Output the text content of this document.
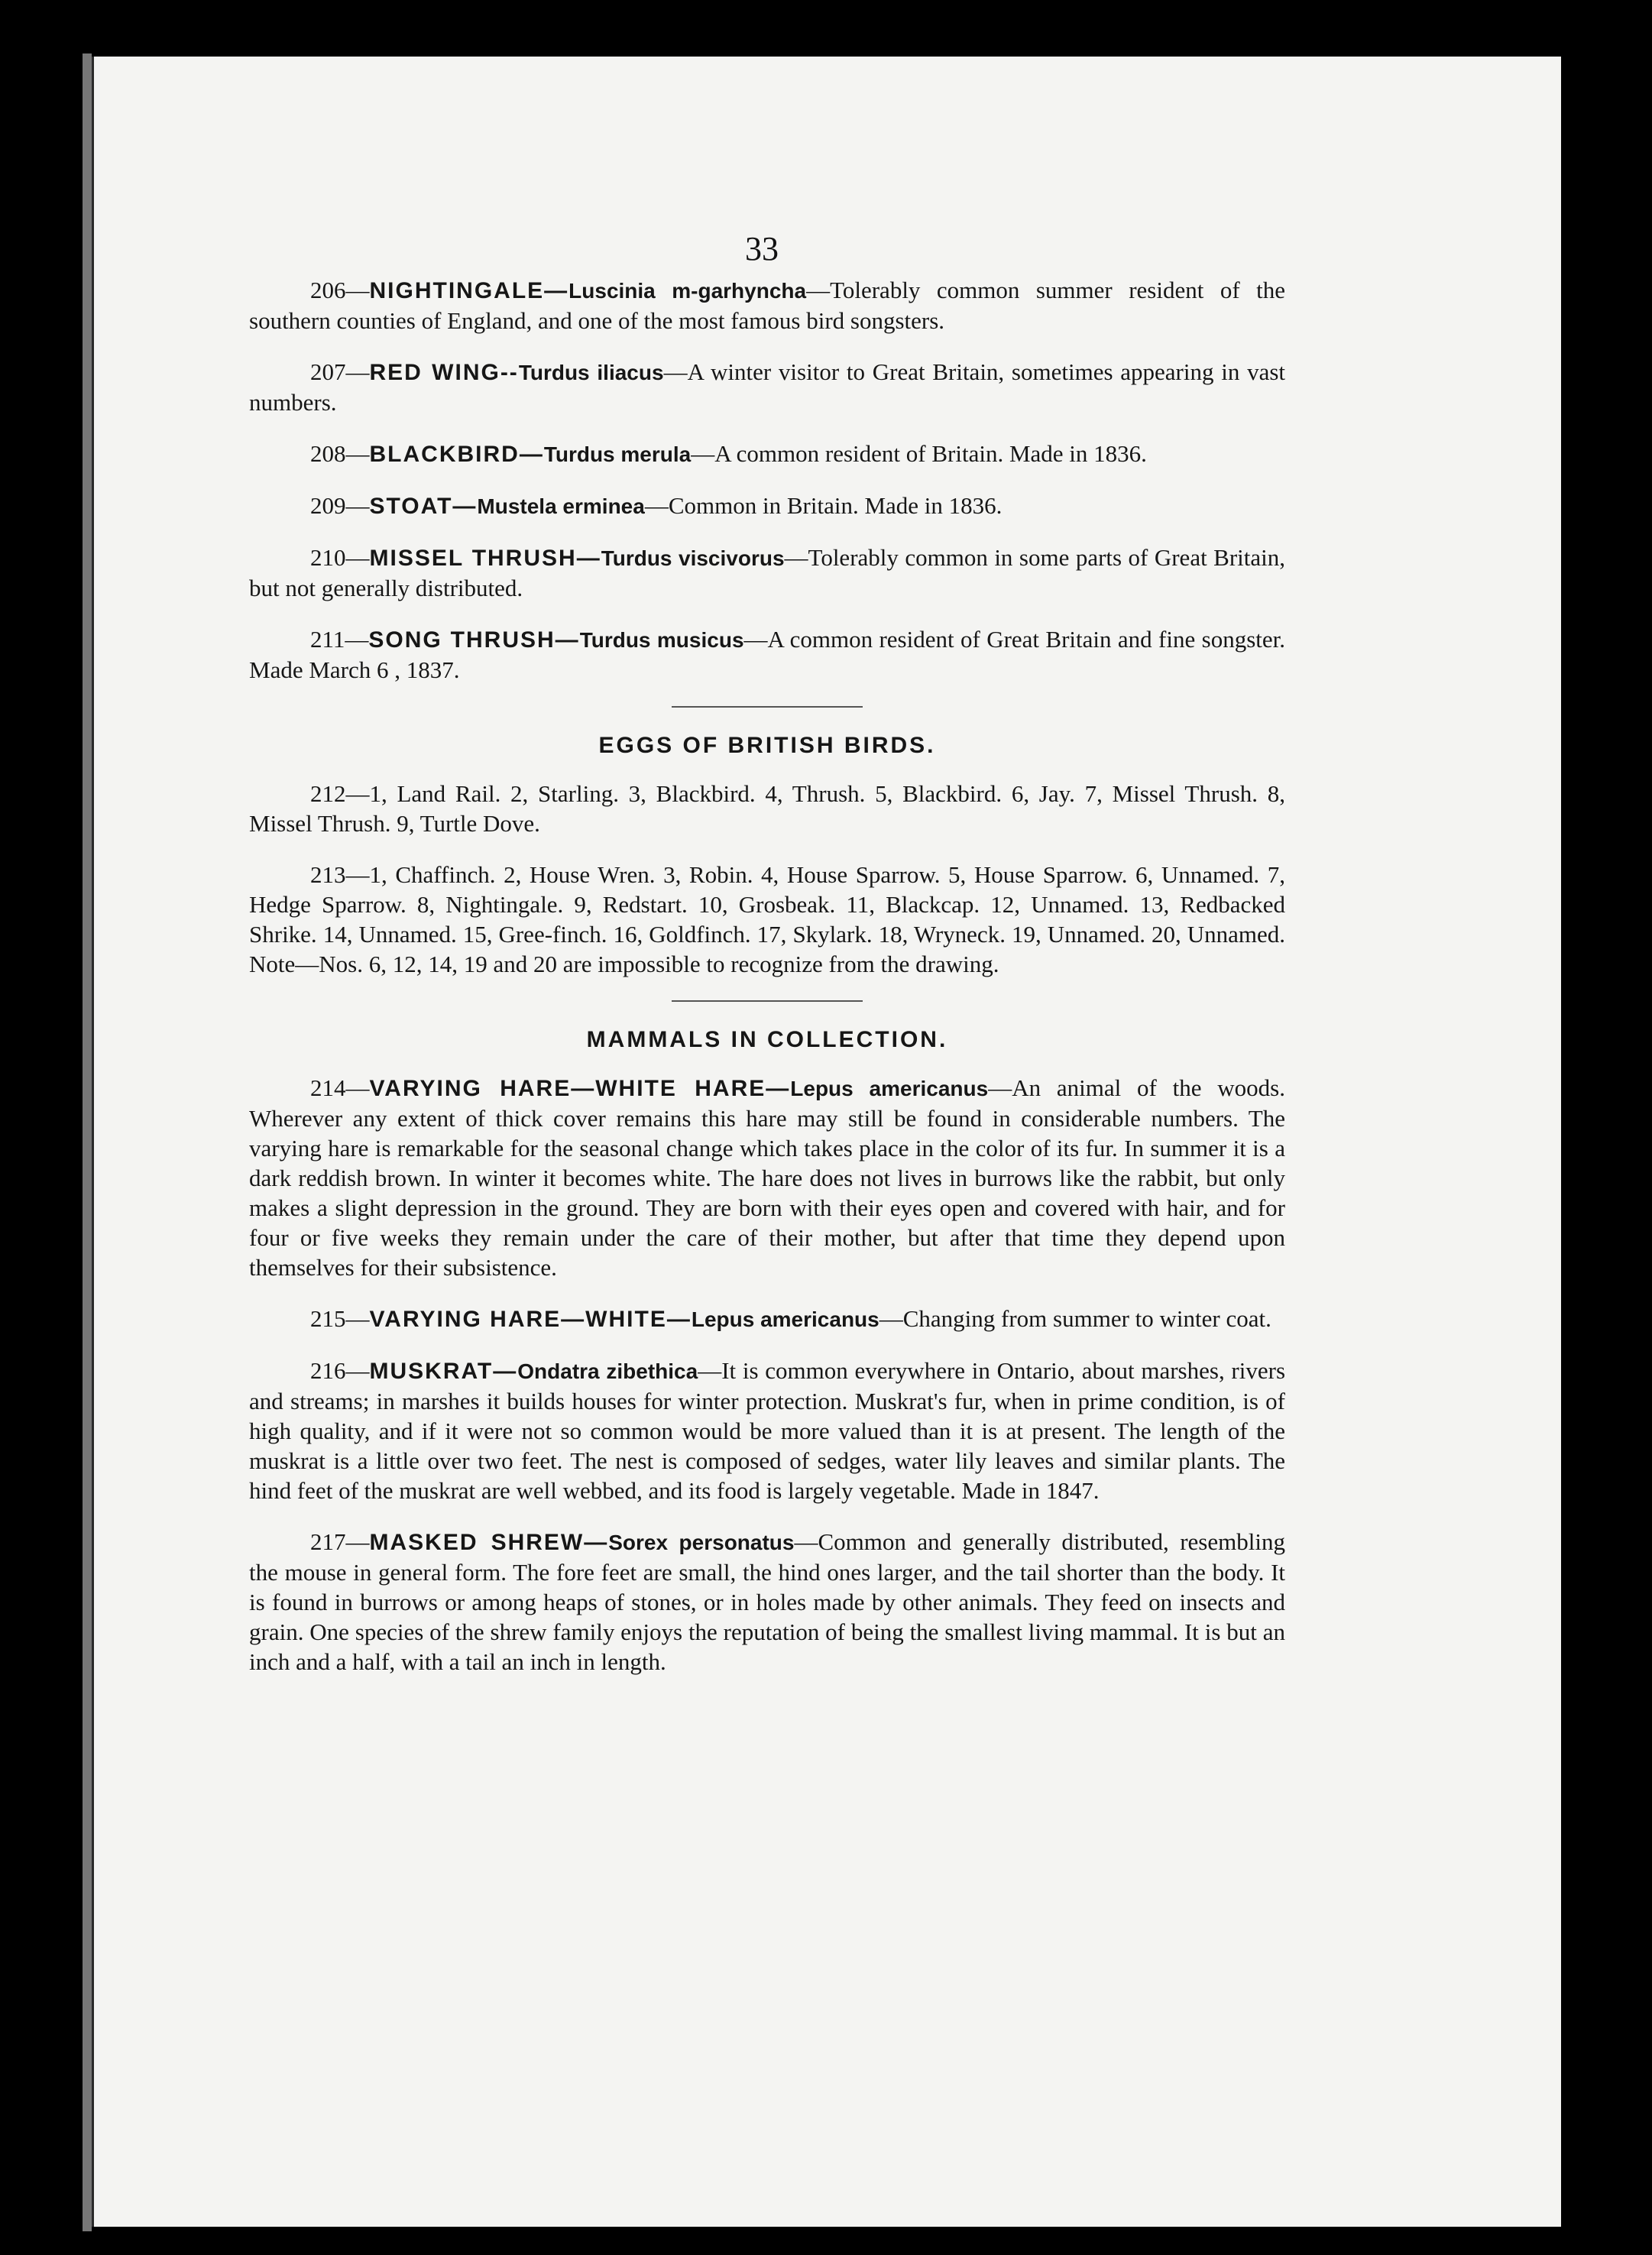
33

206—NIGHTINGALE—Luscinia m-garhyncha—Tolerably common summer resident of the southern counties of England, and one of the most famous bird songsters.

207—RED WING--Turdus iliacus—A winter visitor to Great Britain, sometimes appearing in vast numbers.

208—BLACKBIRD—Turdus merula—A common resident of Britain. Made in 1836.

209—STOAT—Mustela erminea—Common in Britain. Made in 1836.

210—MISSEL THRUSH—Turdus viscivorus—Tolerably common in some parts of Great Britain, but not generally distributed.

211—SONG THRUSH—Turdus musicus—A common resident of Great Britain and fine songster. Made March 6 , 1837.

EGGS OF BRITISH BIRDS.

212—1, Land Rail. 2, Starling. 3, Blackbird. 4, Thrush. 5, Blackbird. 6, Jay. 7, Missel Thrush. 8, Missel Thrush. 9, Turtle Dove.

213—1, Chaffinch. 2, House Wren. 3, Robin. 4, House Sparrow. 5, House Sparrow. 6, Unnamed. 7, Hedge Sparrow. 8, Nightingale. 9, Redstart. 10, Grosbeak. 11, Blackcap. 12, Unnamed. 13, Redbacked Shrike. 14, Unnamed. 15, Gree-finch. 16, Goldfinch. 17, Skylark. 18, Wryneck. 19, Unnamed. 20, Unnamed. Note—Nos. 6, 12, 14, 19 and 20 are impossible to recognize from the drawing.

MAMMALS IN COLLECTION.

214—VARYING HARE—WHITE HARE—Lepus americanus—An animal of the woods. Wherever any extent of thick cover remains this hare may still be found in considerable numbers. The varying hare is remarkable for the seasonal change which takes place in the color of its fur. In summer it is a dark reddish brown. In winter it becomes white. The hare does not lives in burrows like the rabbit, but only makes a slight depression in the ground. They are born with their eyes open and covered with hair, and for four or five weeks they remain under the care of their mother, but after that time they depend upon themselves for their subsistence.

215—VARYING HARE—WHITE—Lepus americanus—Changing from summer to winter coat.

216—MUSKRAT—Ondatra zibethica—It is common everywhere in Ontario, about marshes, rivers and streams; in marshes it builds houses for winter protection. Muskrat's fur, when in prime condition, is of high quality, and if it were not so common would be more valued than it is at present. The length of the muskrat is a little over two feet. The nest is composed of sedges, water lily leaves and similar plants. The hind feet of the muskrat are well webbed, and its food is largely vegetable. Made in 1847.

217—MASKED SHREW—Sorex personatus—Common and generally distributed, resembling the mouse in general form. The fore feet are small, the hind ones larger, and the tail shorter than the body. It is found in burrows or among heaps of stones, or in holes made by other animals. They feed on insects and grain. One species of the shrew family enjoys the reputation of being the smallest living mammal. It is but an inch and a half, with a tail an inch in length.
